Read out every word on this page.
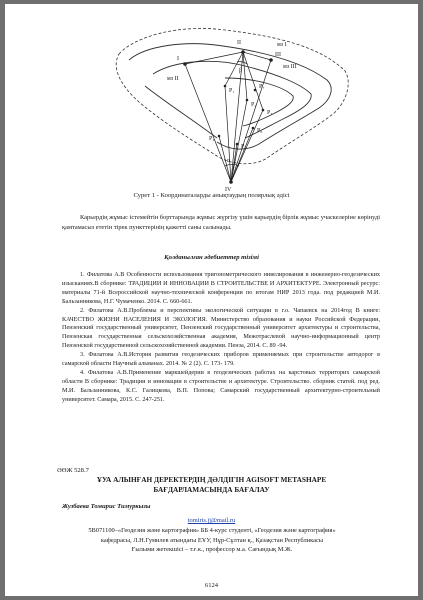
I
II
III
IV
мз II
мз III
мз I
P₁
P₂
P₃
P₄
P₅
P₆
P₇
α
β
Сурет 1 - Координаталарды анықтаудың полярлық әдісі
Карьердің жұмыс істемейтін борттарында жұмыс жүргізу үшін карьердің бірлік жұмыс учаскелеріне көрінуді қамтамасыз ететін тірек пункттерінің қажетті саны салынады.
Қолданылған әдебиеттер тізімі

1. Филатова А.В Особенности использования тригонометрического нивелирования в инженерно-геодезических изысканиях.В сборнике: ТРАДИЦИИ И ИННОВАЦИИ В СТРОИТЕЛЬСТВЕ И АРХИТЕКТУРЕ. Электронный ресурс: материалы 71-й Всероссийской научно-технической конференции по итогам НИР 2013 года. под редакцией М.И. Бальзанникова, Н.Г. Чумаченко. 2014. С. 660-661.

2. Филатова А.В.Проблемы и перспективы экологической ситуации в г.о. Чапаевск на 2014год В книге: КАЧЕСТВО ЖИЗНИ НАСЕЛЕНИЯ И ЭКОЛОГИЯ. Министерство образования и науки Российской Федерации, Пензенский государственный университет, Пензенский государственный университет архитектуры и строительства, Пензенская государственная сельскохозяйственная академия, Межотраслевой научно-информационный центр Пензенской государственной сельскохозяйственной академии. Пенза, 2014. С. 89 -94.

3. Филатова А.В.История развития геодезических приборов применяемых при строительстве автодорог в самарской области Научный альманах. 2014. № 2 (2). С. 173- 179.

4. Филатова А.В.Применение маркшейдерии в геодезических работах на карстовых территорих самарской области В сборнике: Традиции и инновации в строительстве и архитектуре. Строительство. сборник статей. под ред. М.И. Бальзанникова, К.С. Галицкова, В.П. Попова; Самарский государственный архитектурно-строительный университет. Самара, 2015. С. 247-251.

ӘӨЖ 528.7
ҰУА АЛЫНҒАН ДЕРЕКТЕРДІҢ ДӘЛДІГІН AGISOFT METASHAPE
БАҒДАРЛАМАСЫНДА БАҒАЛАУ
Жузбаева Томирис Тимуркызы
tomiris.jj@mail.ru
5В071100–«Геодезия және картография» ББ 4-курс студенті, «Геодезия және картография»
кафедрасы, Л.Н.Гумилев атындағы ЕҰУ, Нұр-Сұлтан қ., Қазақстан Республикасы
Ғылыми жетекшісі – т.ғ.к., профессор м.а. Сағындық М.Ж.
6124
